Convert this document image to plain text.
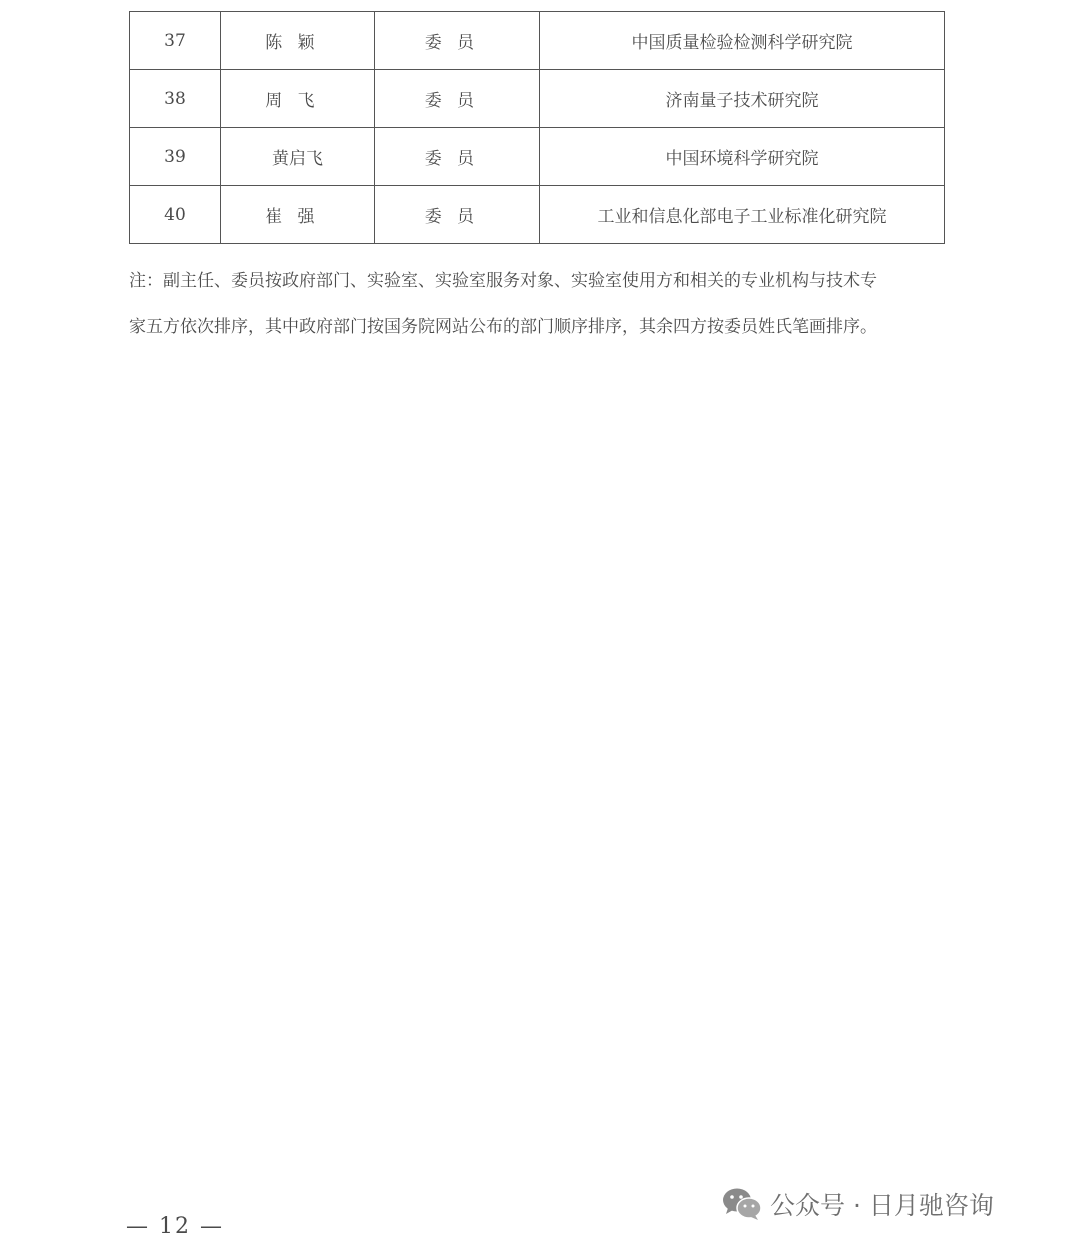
37	陈颖	委员	中国质量检验检测科学研究院
38	周飞	委员	济南量子技术研究院
39	黄启飞	委员	中国环境科学研究院
40	崔强	委员	工业和信息化部电子工业标准化研究院

注：副主任、委员按政府部门、实验室、实验室服务对象、实验室使用方和相关的专业机构与技术专
家五方依次排序，其中政府部门按国务院网站公布的部门顺序排序，其余四方按委员姓氏笔画排序。

— 12 —
公众号 · 日月驰咨询
